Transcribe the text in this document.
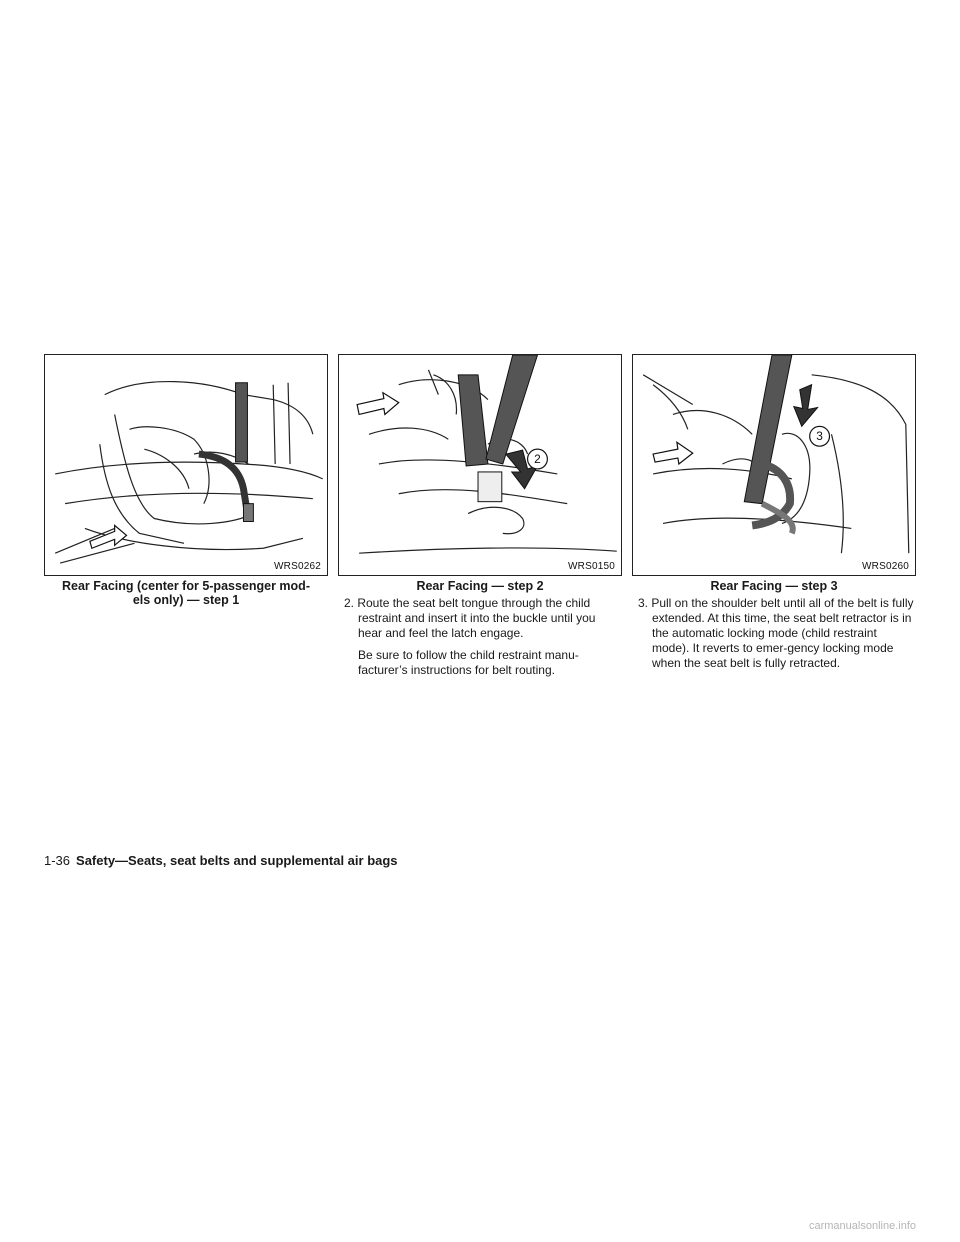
WRS0262
2
WRS0150
3
WRS0260
Rear Facing (center for 5-passenger mod-
els only) — step 1
Rear Facing — step 2	Rear Facing — step 3

2. Route the seat belt tongue through the child restraint and insert it into the buckle until you hear and feel the latch engage.

Be sure to follow the child restraint manu-facturer’s instructions for belt routing.

3. Pull on the shoulder belt until all of the belt is fully extended. At this time, the seat belt retractor is in the automatic locking mode (child restraint mode). It reverts to emer-gency locking mode when the seat belt is fully retracted.

1-36 Safety—Seats, seat belts and supplemental air bags
carmanualsonline.info
